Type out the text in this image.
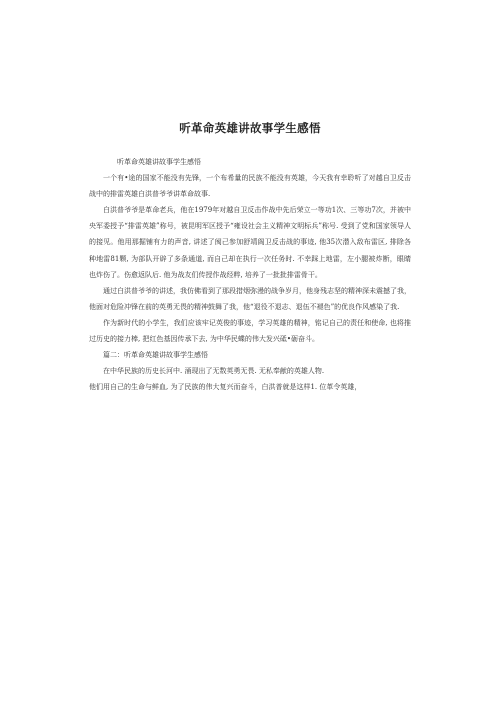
听革命英雄讲故事学生感悟

听革命英雄讲故事学生感悟

一个有•途的国家不能没有先锋，一个布希量的民族不能没有英雄，今天我有幸聆听了对越自卫反击战中的排雷英雄白洪普爷爷讲革命故事.

白洪普爷爷是革命老兵，他在1979年对越自卫反击作战中先后荣立一等功1次、三等功7次，并被中央军委授予“排雷英雄”称号，被昆明军区授予“雍设社会主义精神文明标兵”称号. 受到了党和国家领导人的接见。他用那掘铺有力的声音, 讲述了阂己参加舒靖阁卫反击战的事迹, 他35次潜入敌布雷区, 排除各种地雷81颗, 为部队开辟了多条通道, 而自己却在执行一次任务时. 不幸踩上地雷，左小腿被炸断，眼睛也炸伤了。伤愈返队后. 他为战友们传授作战经粹, 培养了一批批排雷骨干。

通过白洪普爷爷的讲述，我仿佛看到了那段措烟弥漫的战争岁月，他身残志坚的精神深未震撼了我，他面对危险冲锋在前的英勇无畏的精神鼓舞了我，他“退役不退志、退伍不褪色”的优良作风感染了我.

作为新时代的小学生，我们应该牢记英俊的事迹，学习英雄的精神，铭记自己的责任和使命, 也将推过历史的接力棒, 把红色基因传承下去, 为中华民蝶的伟大发兴砥•砺奋斗。

篇二：听革命英雄讲故事学生感悟

在中华民族的历史长河中. 涌现出了无数英勇无畏. 无私奉献的英雄人物.

他们用自己的生命与鲜血, 为了民族的伟大复兴而奋斗，白洪普就是这样1. 位革令英雄，
